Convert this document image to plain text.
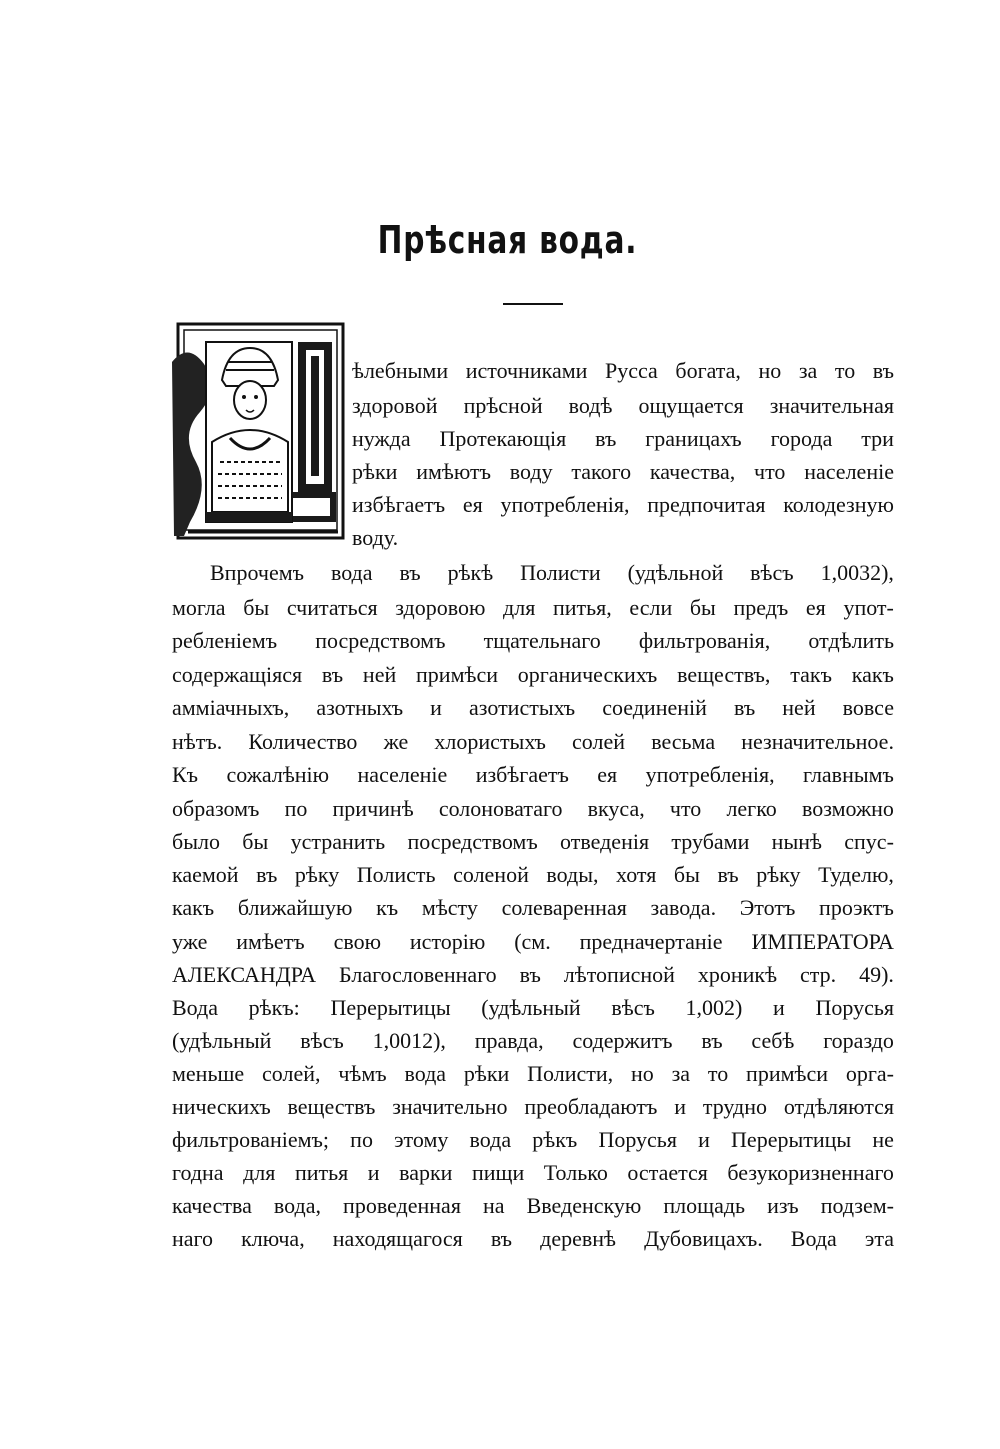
Прѣсная вода.
ѣлебными источниками Русса богата, но за то въ
здоровой прѣсной водѣ ощущается значительная
нужда Протекающія въ границахъ города три
рѣки имѣютъ воду такого качества, что населеніе
избѣгаетъ ея употребленія, предпочитая колодезную
воду.
Впрочемъ вода въ рѣкѣ Полисти (удѣльной вѣсъ 1,0032),
могла бы считаться здоровою для питья, если бы предъ ея упот-
ребленіемъ посредствомъ тщательнаго фильтрованія, отдѣлить
содержащіяся въ ней примѣси органическихъ веществъ, такъ какъ
амміачныхъ, азотныхъ и азотистыхъ соединеній въ ней вовсе
нѣтъ. Количество же хлористыхъ солей весьма незначительное.
Къ сожалѣнію населеніе избѣгаетъ ея употребленія, главнымъ
образомъ по причинѣ солоноватаго вкуса, что легко возможно
было бы устранить посредствомъ отведенія трубами нынѣ спус-
каемой въ рѣку Полисть соленой воды, хотя бы въ рѣку Туделю,
какъ ближайшую къ мѣсту солеваренная завода. Этотъ проэктъ
уже имѣетъ свою исторію (см. предначертаніе ИМПЕРАТОРА
АЛЕКСАНДРА Благословеннаго въ лѣтописной хроникѣ стр. 49).
Вода рѣкъ: Перерытицы (удѣльный вѣсъ 1,002) и Порусья
(удѣльный вѣсъ 1,0012), правда, содержитъ въ себѣ гораздо
меньше солей, чѣмъ вода рѣки Полисти, но за то примѣси орга-
ническихъ веществъ значительно преобладаютъ и трудно отдѣляются
фильтрованіемъ; по этому вода рѣкъ Порусья и Перерытицы не
годна для питья и варки пищи Только остается безукоризненнаго
качества вода, проведенная на Введенскую площадь изъ подзем-
наго ключа, находящагося въ деревнѣ Дубовицахъ. Вода эта
